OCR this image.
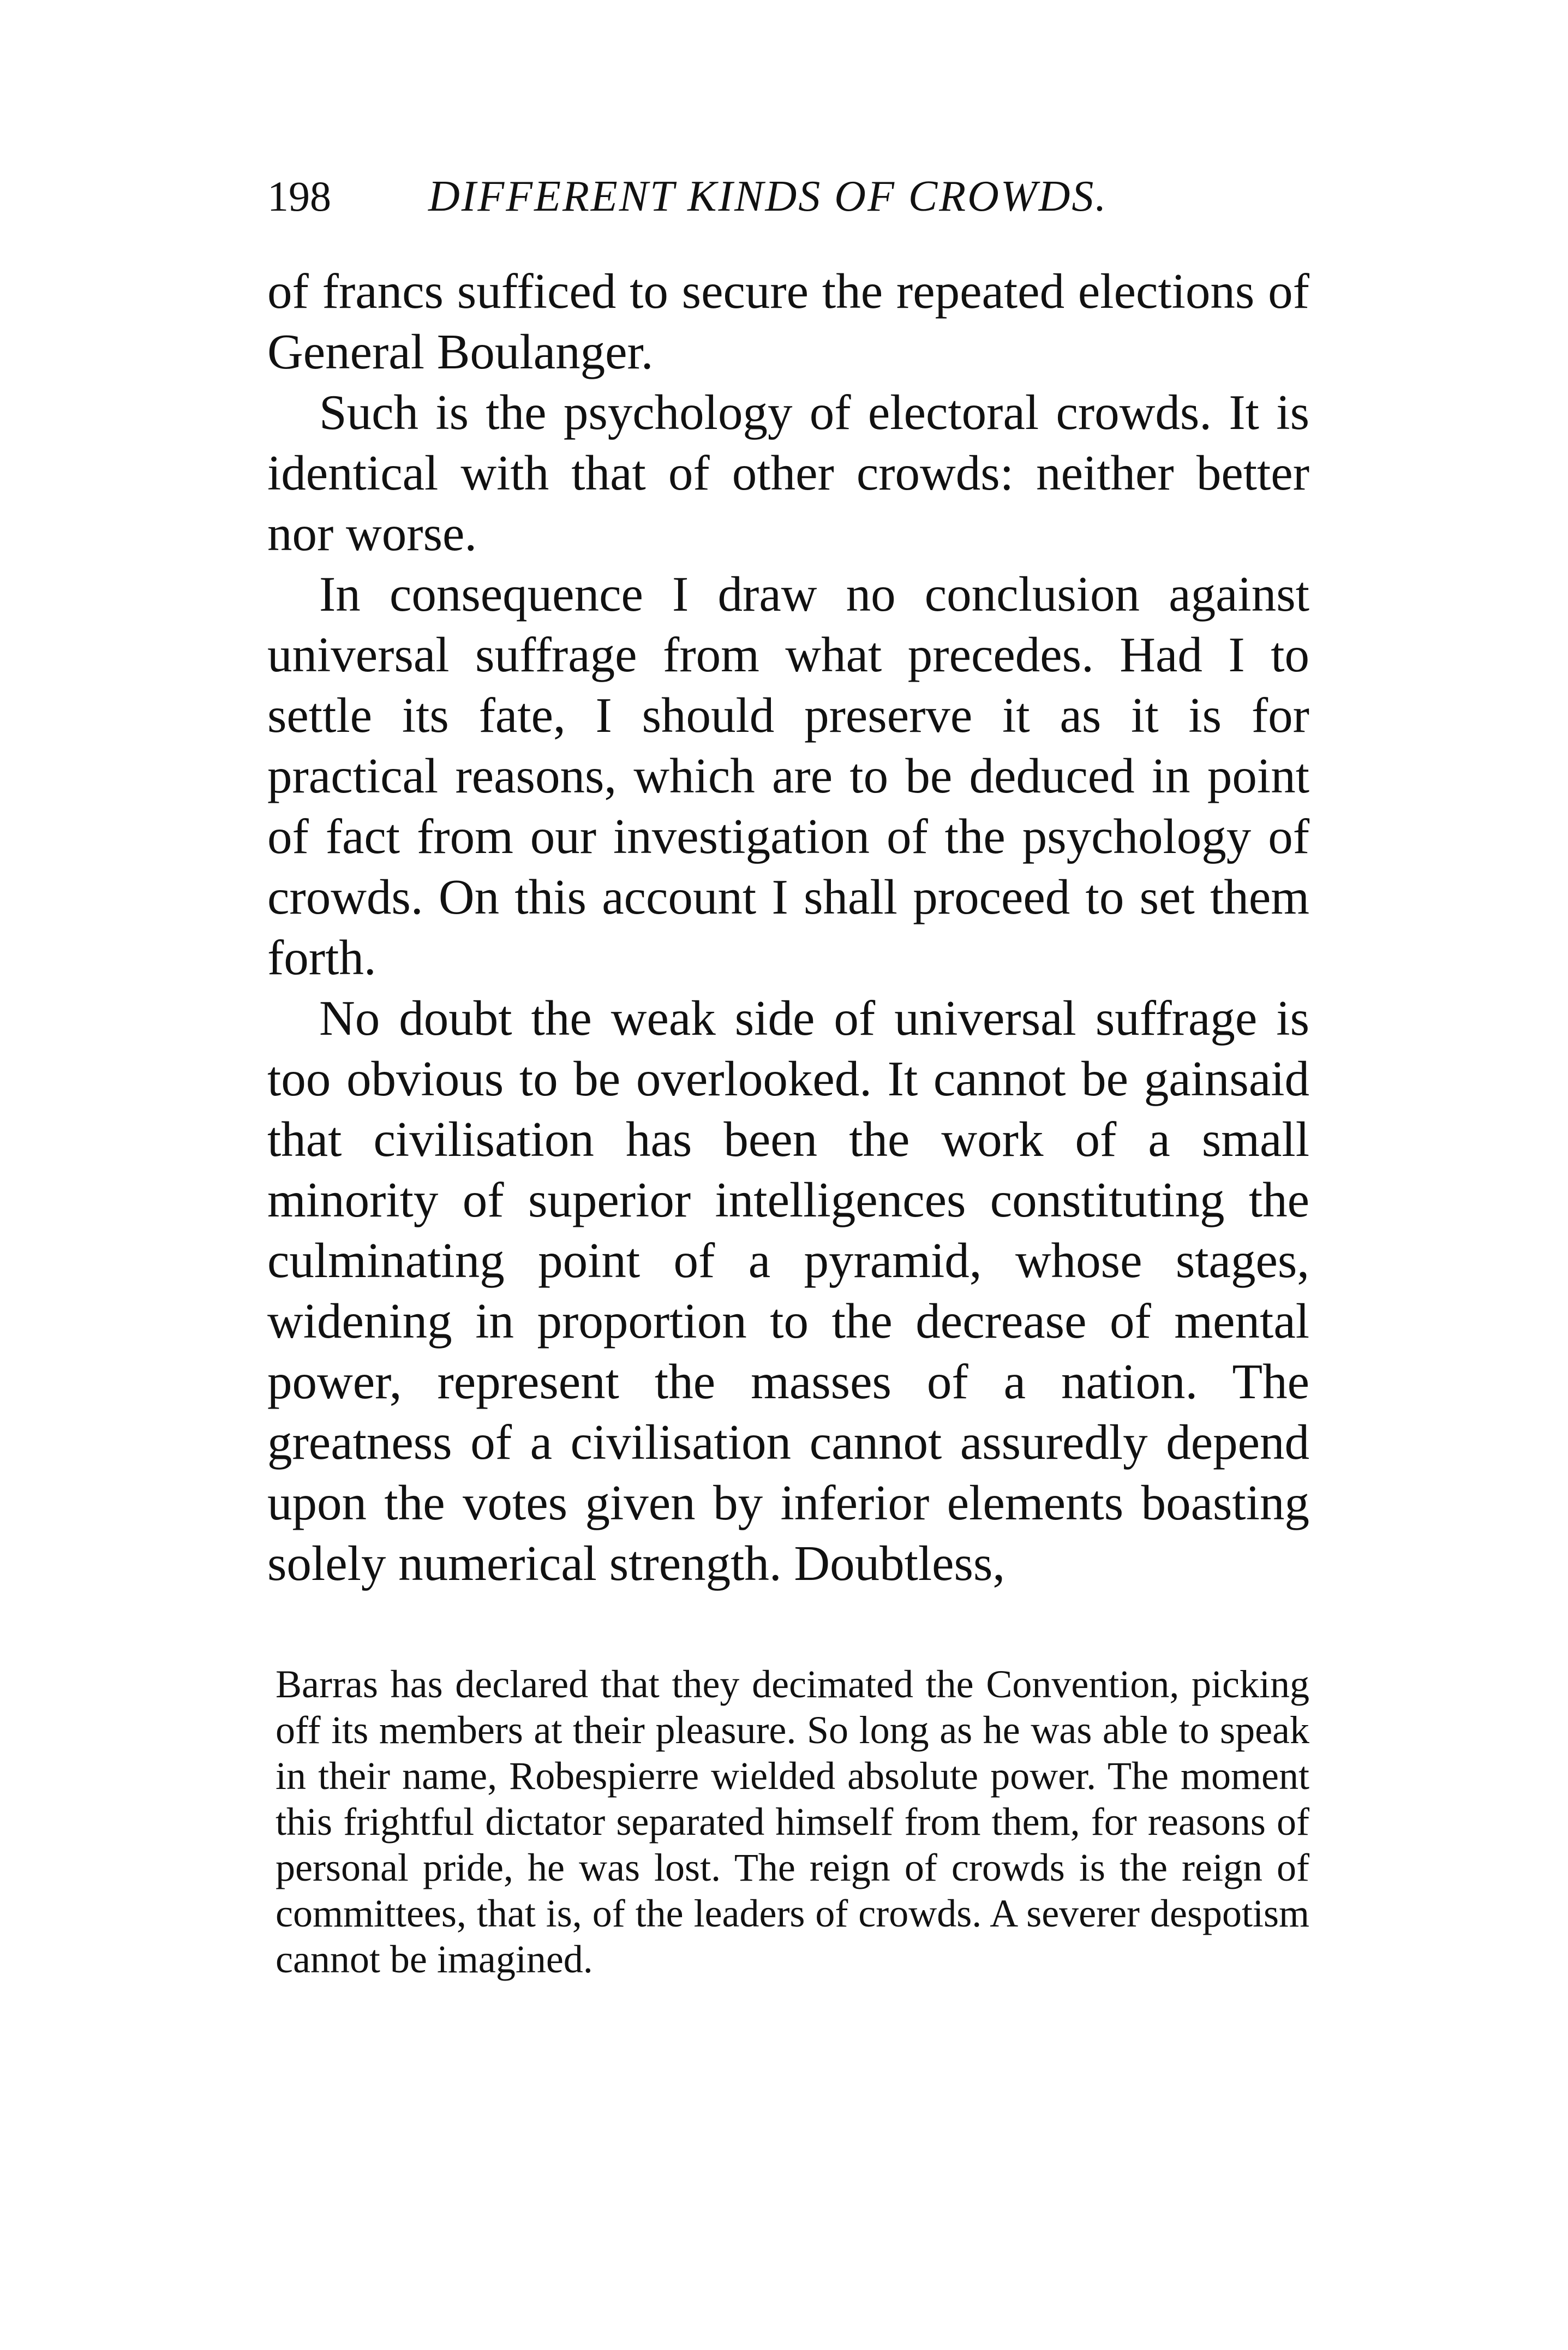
198 DIFFERENT KINDS OF CROWDS.

of francs sufficed to secure the repeated elections of General Boulanger.

Such is the psychology of electoral crowds. It is identical with that of other crowds: neither better nor worse.

In consequence I draw no conclusion against universal suffrage from what precedes. Had I to settle its fate, I should preserve it as it is for practical reasons, which are to be deduced in point of fact from our investigation of the psychology of crowds. On this account I shall proceed to set them forth.

No doubt the weak side of universal suffrage is too obvious to be overlooked. It cannot be gainsaid that civilisation has been the work of a small minority of superior intelligences constituting the culminating point of a pyramid, whose stages, widening in proportion to the decrease of mental power, represent the masses of a nation. The greatness of a civilisation cannot assuredly depend upon the votes given by inferior elements boasting solely numerical strength. Doubtless,

Barras has declared that they decimated the Convention, picking off its members at their pleasure. So long as he was able to speak in their name, Robespierre wielded absolute power. The moment this frightful dictator separated himself from them, for reasons of personal pride, he was lost. The reign of crowds is the reign of committees, that is, of the leaders of crowds. A severer despotism cannot be imagined.
